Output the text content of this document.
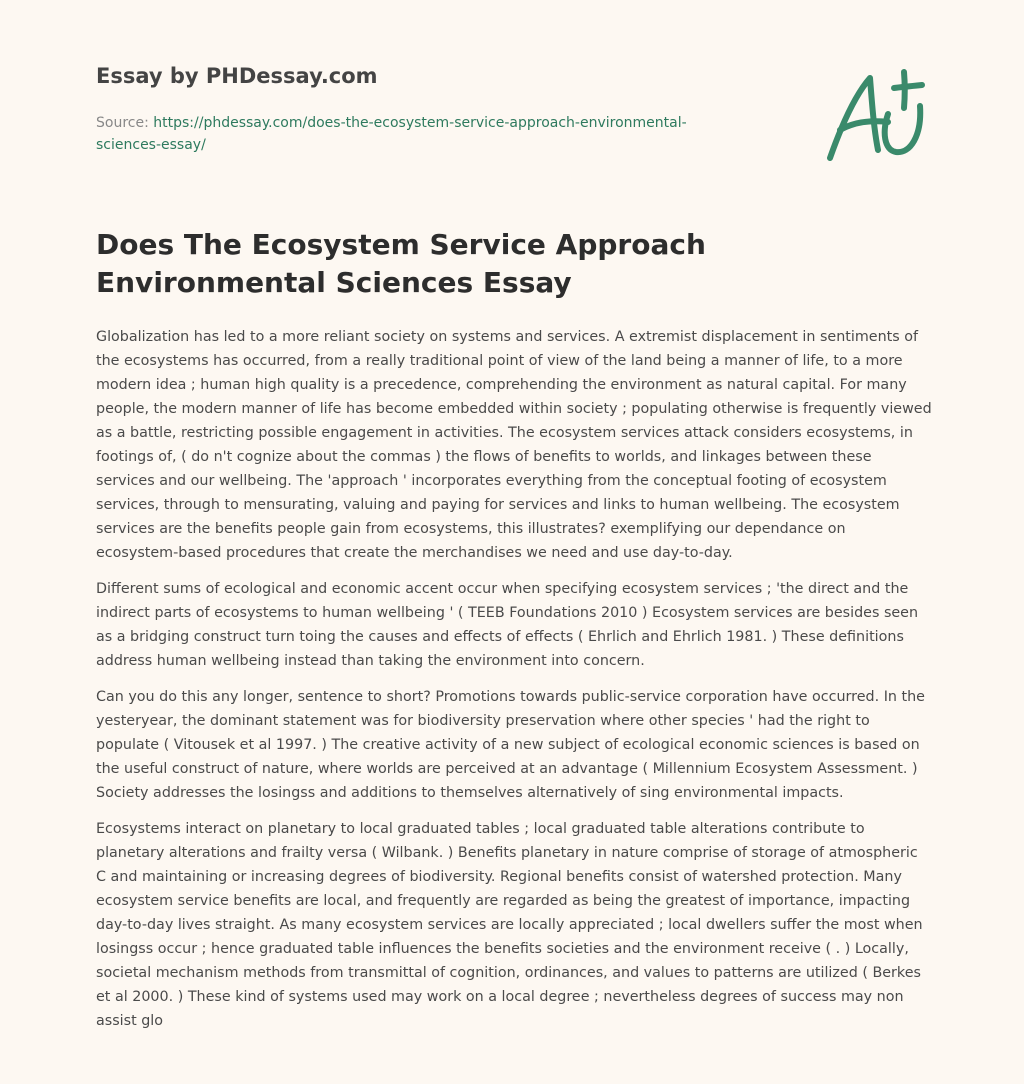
Essay by PHDessay.com
Source: https://phdessay.com/does-the-ecosystem-service-approach-environmental-sciences-essay/
Does The Ecosystem Service Approach Environmental Sciences Essay

Globalization has led to a more reliant society on systems and services. A extremist displacement in sentiments of the ecosystems has occurred, from a really traditional point of view of the land being a manner of life, to a more modern idea ; human high quality is a precedence, comprehending the environment as natural capital. For many people, the modern manner of life has become embedded within society ; populating otherwise is frequently viewed as a battle, restricting possible engagement in activities. The ecosystem services attack considers ecosystems, in footings of, ( do n't cognize about the commas ) the flows of benefits to worlds, and linkages between these services and our wellbeing. The 'approach ' incorporates everything from the conceptual footing of ecosystem services, through to mensurating, valuing and paying for services and links to human wellbeing. The ecosystem services are the benefits people gain from ecosystems, this illustrates? exemplifying our dependance on ecosystem-based procedures that create the merchandises we need and use day-to-day.

Different sums of ecological and economic accent occur when specifying ecosystem services ; 'the direct and the indirect parts of ecosystems to human wellbeing ' ( TEEB Foundations 2010 ) Ecosystem services are besides seen as a bridging construct turn toing the causes and effects of effects ( Ehrlich and Ehrlich 1981. ) These definitions address human wellbeing instead than taking the environment into concern.

Can you do this any longer, sentence to short? Promotions towards public-service corporation have occurred. In the yesteryear, the dominant statement was for biodiversity preservation where other species ' had the right to populate ( Vitousek et al 1997. ) The creative activity of a new subject of ecological economic sciences is based on the useful construct of nature, where worlds are perceived at an advantage ( Millennium Ecosystem Assessment. ) Society addresses the losingss and additions to themselves alternatively of sing environmental impacts.

Ecosystems interact on planetary to local graduated tables ; local graduated table alterations contribute to planetary alterations and frailty versa ( Wilbank. ) Benefits planetary in nature comprise of storage of atmospheric C and maintaining or increasing degrees of biodiversity. Regional benefits consist of watershed protection. Many ecosystem service benefits are local, and frequently are regarded as being the greatest of importance, impacting day-to-day lives straight. As many ecosystem services are locally appreciated ; local dwellers suffer the most when losingss occur ; hence graduated table influences the benefits societies and the environment receive ( . ) Locally, societal mechanism methods from transmittal of cognition, ordinances, and values to patterns are utilized ( Berkes et al 2000. ) These kind of systems used may work on a local degree ; nevertheless degrees of success may non assist glo
